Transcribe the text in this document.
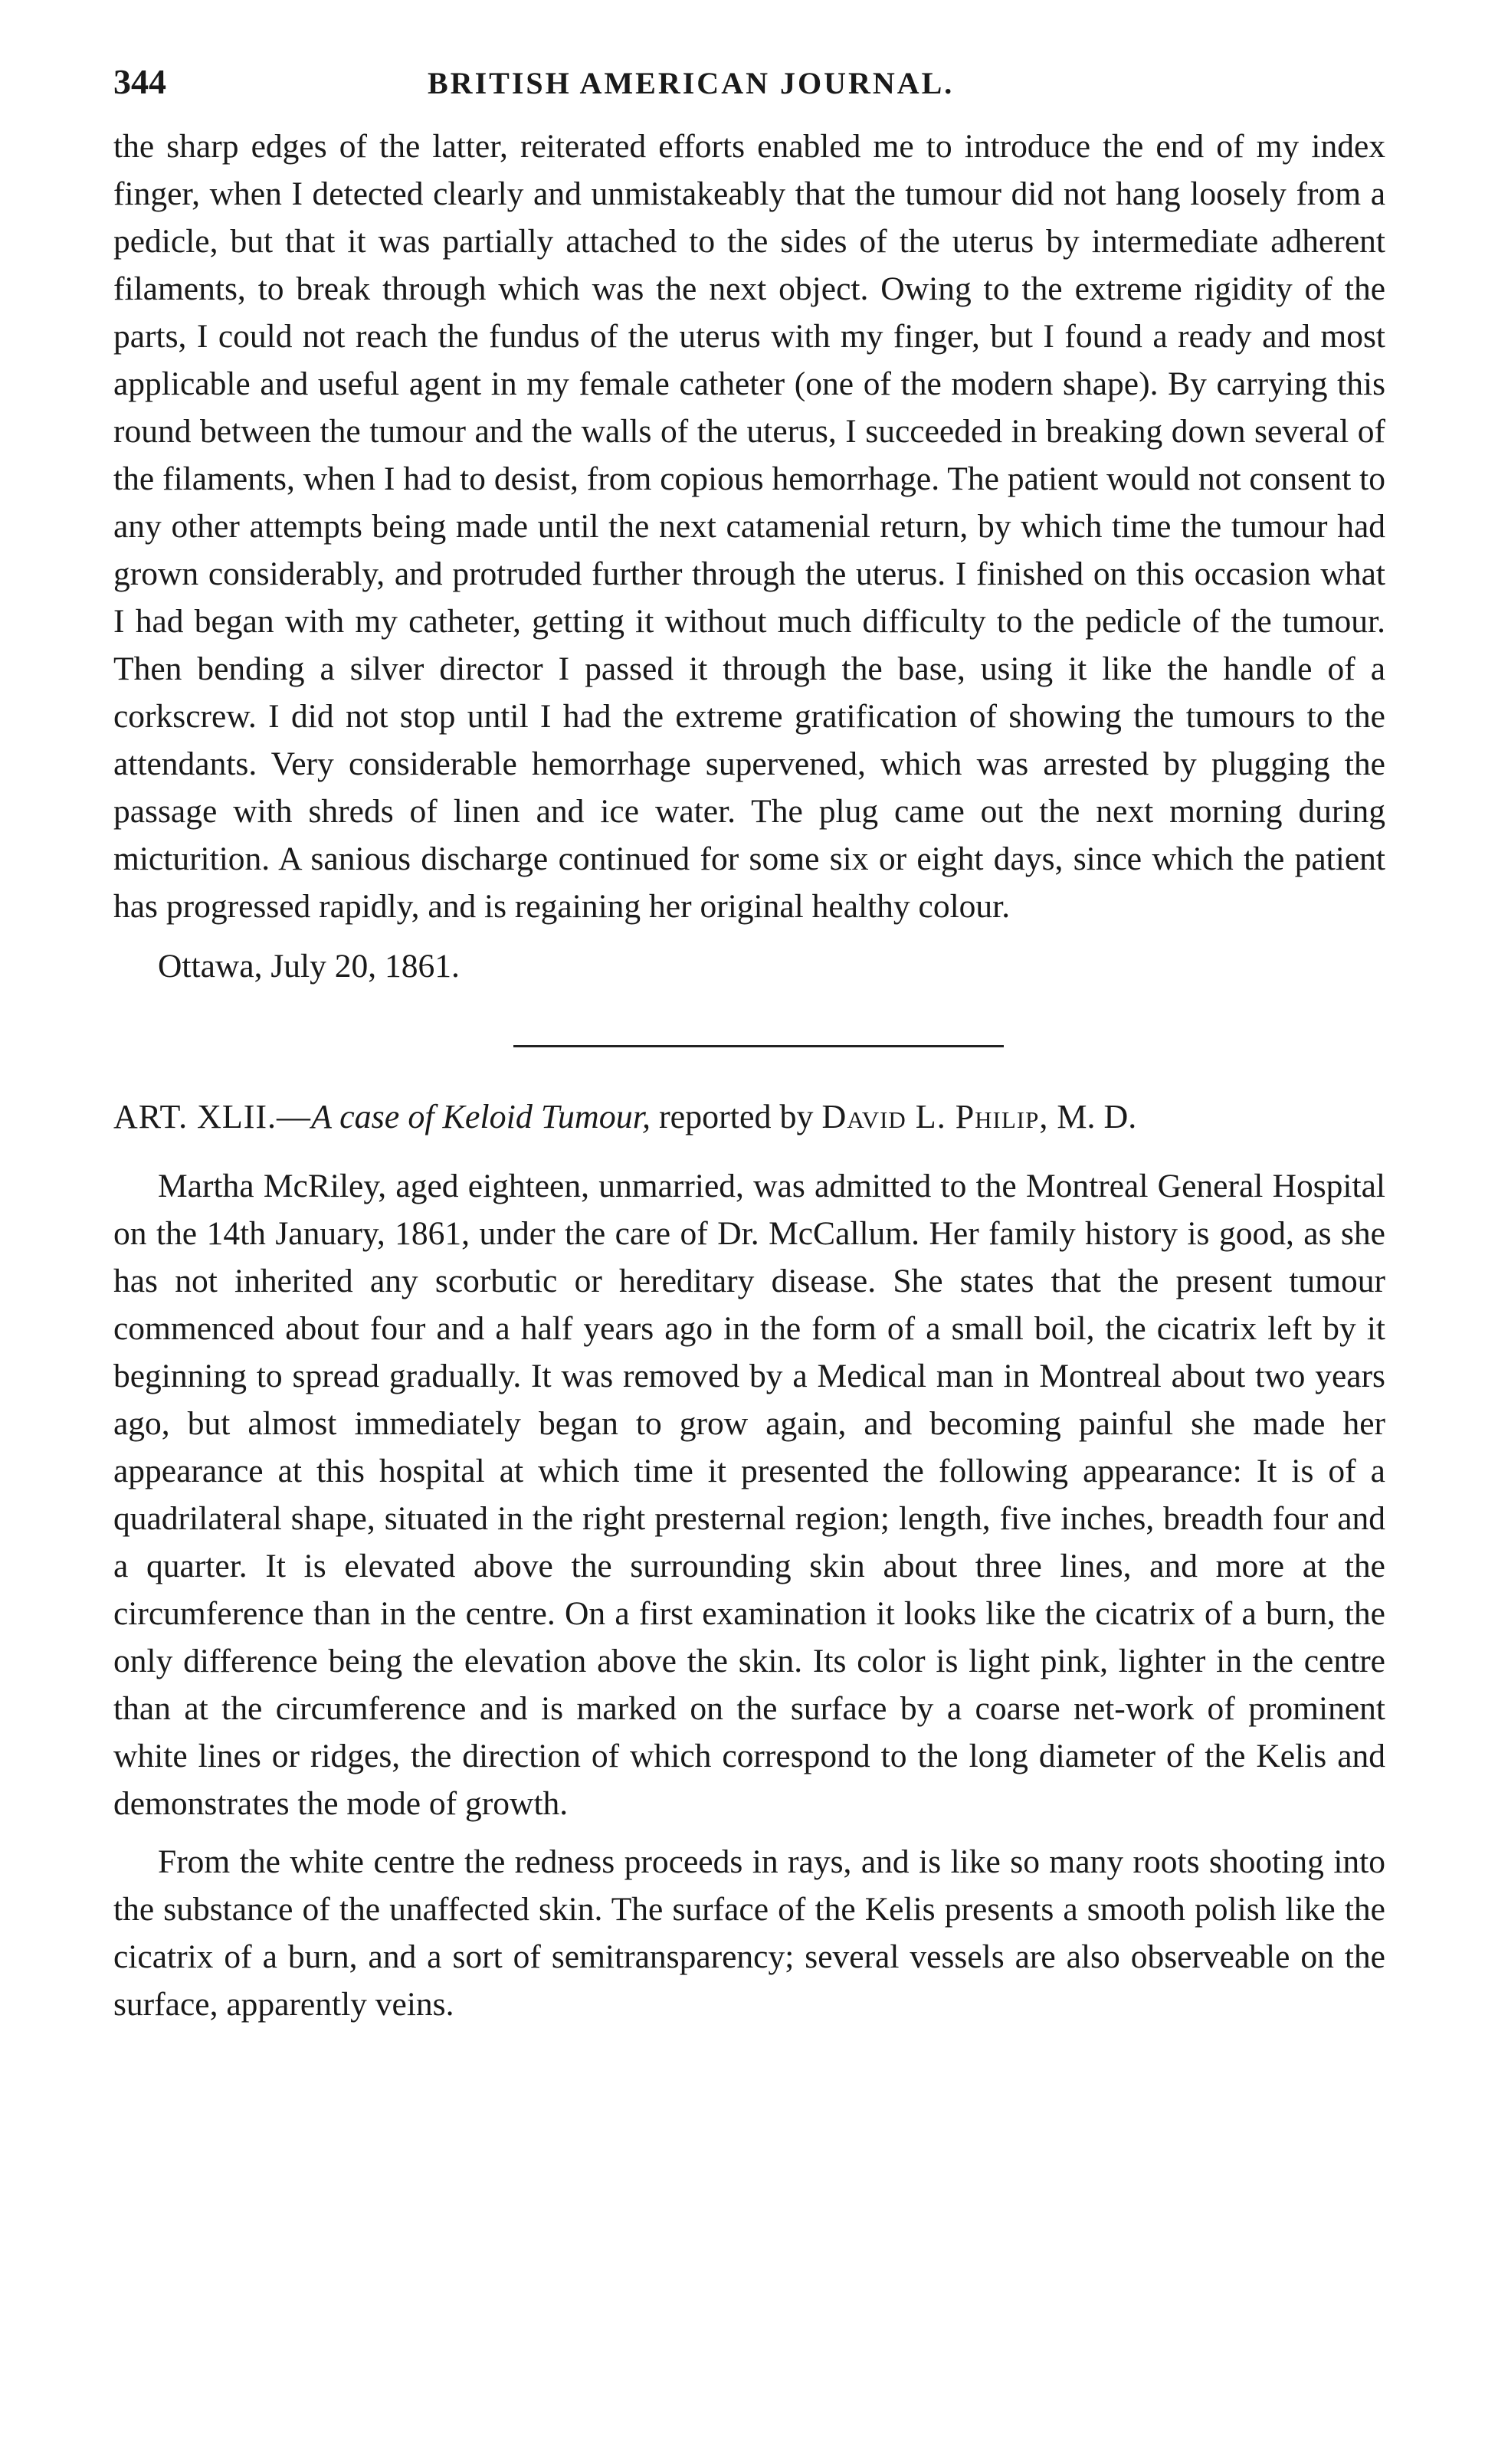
344	BRITISH AMERICAN JOURNAL.

the sharp edges of the latter, reiterated efforts enabled me to introduce the end of my index finger, when I detected clearly and unmistakeably that the tumour did not hang loosely from a pedicle, but that it was partially attached to the sides of the uterus by intermediate adherent filaments, to break through which was the next object. Owing to the extreme rigidity of the parts, I could not reach the fundus of the uterus with my finger, but I found a ready and most applicable and useful agent in my female catheter (one of the modern shape). By carrying this round between the tumour and the walls of the uterus, I succeeded in breaking down several of the filaments, when I had to desist, from copious hemorrhage. The patient would not consent to any other attempts being made until the next catamenial return, by which time the tumour had grown considerably, and protruded further through the uterus. I finished on this occasion what I had began with my catheter, getting it without much difficulty to the pedicle of the tumour. Then bending a silver director I passed it through the base, using it like the handle of a corkscrew. I did not stop until I had the extreme gratification of showing the tumours to the attendants. Very considerable hemorrhage supervened, which was arrested by plugging the passage with shreds of linen and ice water. The plug came out the next morning during micturition. A sanious discharge continued for some six or eight days, since which the patient has progressed rapidly, and is regaining her original healthy colour.

Ottawa, July 20, 1861.

ART. XLII.—A case of Keloid Tumour, reported by David L. Philip, M. D.

Martha McRiley, aged eighteen, unmarried, was admitted to the Montreal General Hospital on the 14th January, 1861, under the care of Dr. McCallum. Her family history is good, as she has not inherited any scorbutic or hereditary disease. She states that the present tumour commenced about four and a half years ago in the form of a small boil, the cicatrix left by it beginning to spread gradually. It was removed by a Medical man in Montreal about two years ago, but almost immediately began to grow again, and becoming painful she made her appearance at this hospital at which time it presented the following appearance: It is of a quadrilateral shape, situated in the right presternal region; length, five inches, breadth four and a quarter. It is elevated above the surrounding skin about three lines, and more at the circumference than in the centre. On a first examination it looks like the cicatrix of a burn, the only difference being the elevation above the skin. Its color is light pink, lighter in the centre than at the circumference and is marked on the surface by a coarse net-work of prominent white lines or ridges, the direction of which correspond to the long diameter of the Kelis and demonstrates the mode of growth.

From the white centre the redness proceeds in rays, and is like so many roots shooting into the substance of the unaffected skin. The surface of the Kelis presents a smooth polish like the cicatrix of a burn, and a sort of semitransparency; several vessels are also observeable on the surface, apparently veins.
